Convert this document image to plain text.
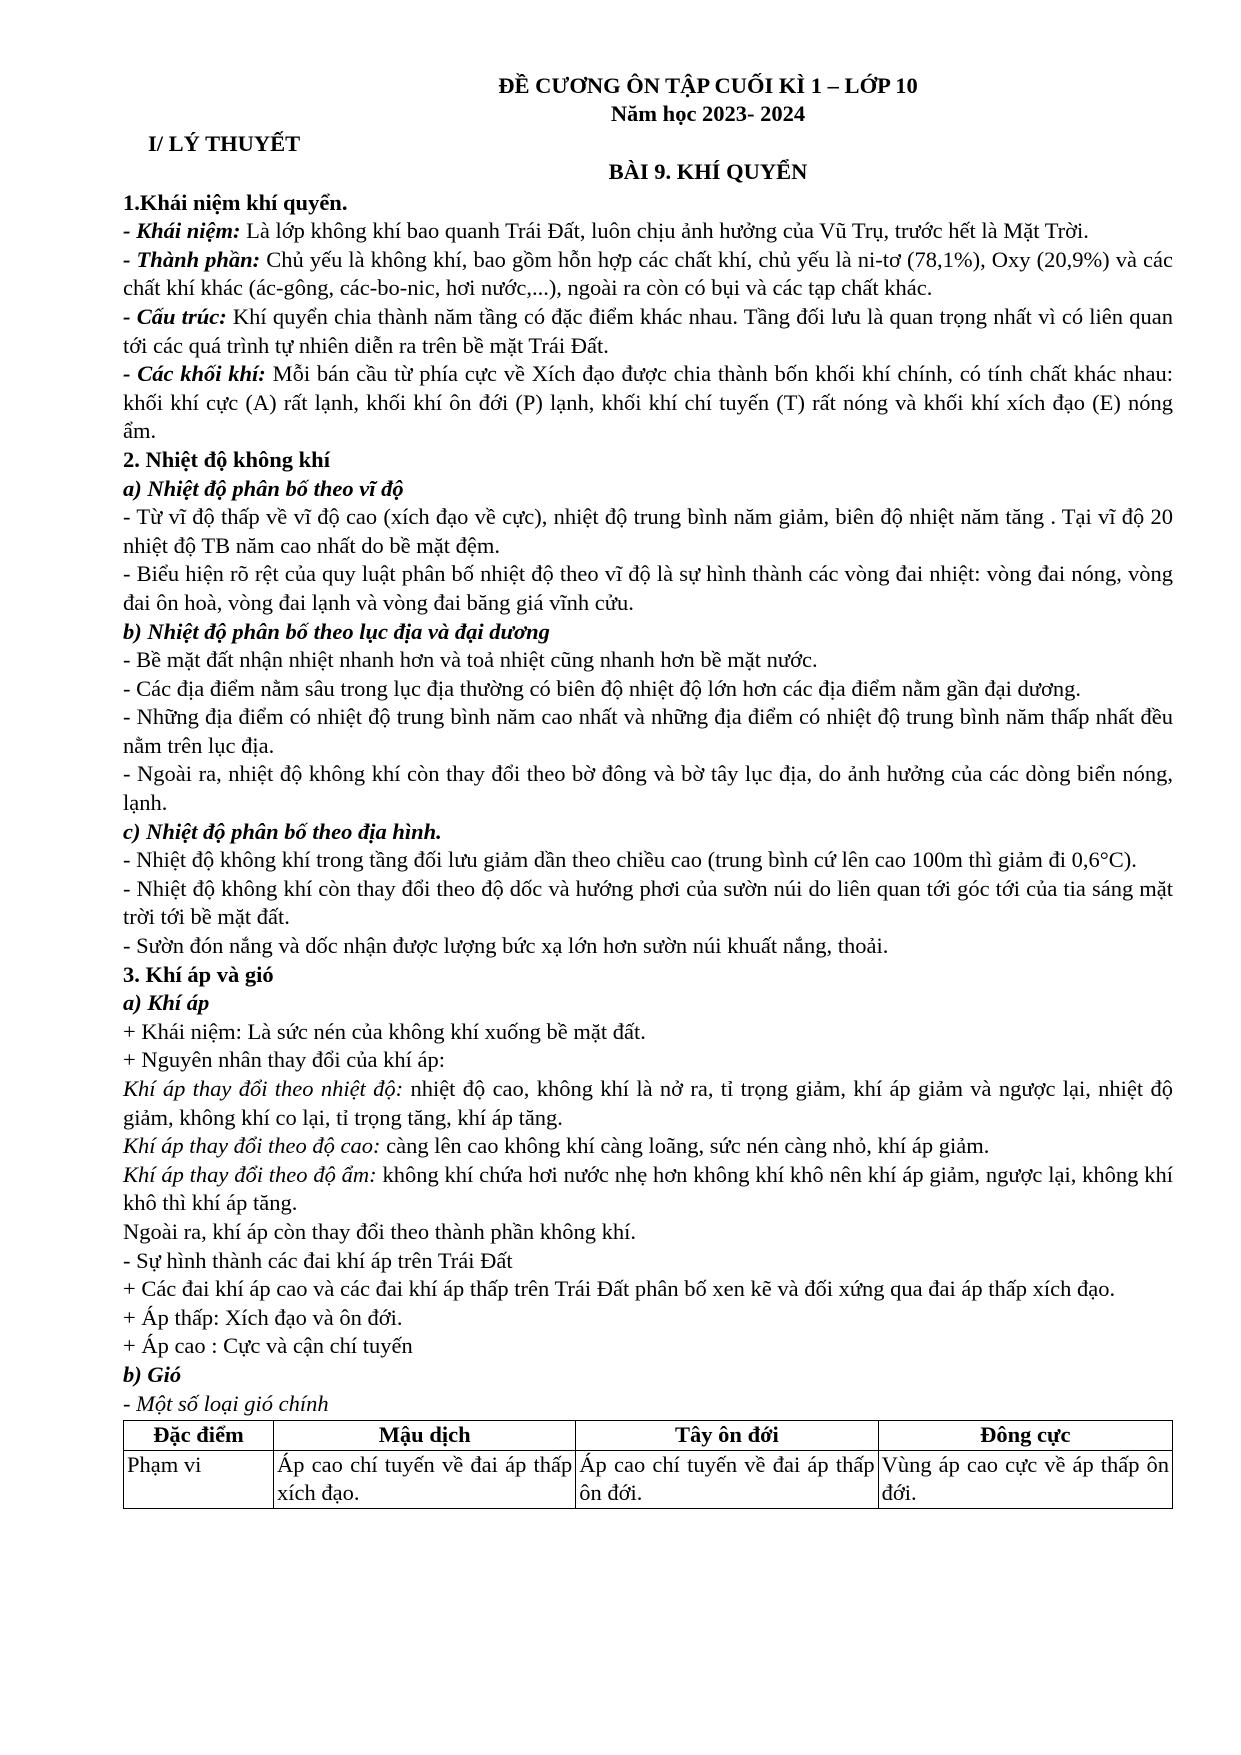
ĐỀ CƯƠNG ÔN TẬP CUỐI KÌ 1 – LỚP 10
Năm học 2023- 2024
I/ LÝ THUYẾT
BÀI 9. KHÍ QUYỂN

1.Khái niệm khí quyển.

- Khái niệm: Là lớp không khí bao quanh Trái Đất, luôn chịu ảnh hưởng của Vũ Trụ, trước hết là Mặt Trời.

- Thành phần: Chủ yếu là không khí, bao gồm hỗn hợp các chất khí, chủ yếu là ni-tơ (78,1%), Oxy (20,9%) và các chất khí khác (ác-gông, các-bo-nic, hơi nước,...), ngoài ra còn có bụi và các tạp chất khác.

- Cấu trúc: Khí quyển chia thành năm tầng có đặc điểm khác nhau. Tầng đối lưu là quan trọng nhất vì có liên quan tới các quá trình tự nhiên diễn ra trên bề mặt Trái Đất.

- Các khối khí: Mỗi bán cầu từ phía cực về Xích đạo được chia thành bốn khối khí chính, có tính chất khác nhau: khối khí cực (A) rất lạnh, khối khí ôn đới (P) lạnh, khối khí chí tuyến (T) rất nóng và khối khí xích đạo (E) nóng ẩm.

2. Nhiệt độ không khí

a) Nhiệt độ phân bố theo vĩ độ

- Từ vĩ độ thấp về vĩ độ cao (xích đạo về cực), nhiệt độ trung bình năm giảm, biên độ nhiệt năm tăng . Tại vĩ độ 20 nhiệt độ TB năm cao nhất do bề mặt đệm.

- Biểu hiện rõ rệt của quy luật phân bố nhiệt độ theo vĩ độ là sự hình thành các vòng đai nhiệt: vòng đai nóng, vòng đai ôn hoà, vòng đai lạnh và vòng đai băng giá vĩnh cửu.

b) Nhiệt độ phân bố theo lục địa và đại dương

- Bề mặt đất nhận nhiệt nhanh hơn và toả nhiệt cũng nhanh hơn bề mặt nước.

- Các địa điểm nằm sâu trong lục địa thường có biên độ nhiệt độ lớn hơn các địa điểm nằm gần đại dương.

- Những địa điểm có nhiệt độ trung bình năm cao nhất và những địa điểm có nhiệt độ trung bình năm thấp nhất đều nằm trên lục địa.

- Ngoài ra, nhiệt độ không khí còn thay đổi theo bờ đông và bờ tây lục địa, do ảnh hưởng của các dòng biển nóng, lạnh.

c) Nhiệt độ phân bố theo địa hình.

- Nhiệt độ không khí trong tầng đối lưu giảm dần theo chiều cao (trung bình cứ lên cao 100m thì giảm đi 0,6°C).

- Nhiệt độ không khí còn thay đổi theo độ dốc và hướng phơi của sườn núi do liên quan tới góc tới của tia sáng mặt trời tới bề mặt đất.

- Sườn đón nắng và dốc nhận được lượng bức xạ lớn hơn sườn núi khuất nắng, thoải.

3. Khí áp và gió

a) Khí áp

+ Khái niệm: Là sức nén của không khí xuống bề mặt đất.

+ Nguyên nhân thay đổi của khí áp:

Khí áp thay đổi theo nhiệt độ: nhiệt độ cao, không khí là nở ra, tỉ trọng giảm, khí áp giảm và ngược lại, nhiệt độ giảm, không khí co lại, tỉ trọng tăng, khí áp tăng.

Khí áp thay đổi theo độ cao: càng lên cao không khí càng loãng, sức nén càng nhỏ, khí áp giảm.

Khí áp thay đổi theo độ ẩm: không khí chứa hơi nước nhẹ hơn không khí khô nên khí áp giảm, ngược lại, không khí khô thì khí áp tăng.

Ngoài ra, khí áp còn thay đổi theo thành phần không khí.

- Sự hình thành các đai khí áp trên Trái Đất

+ Các đai khí áp cao và các đai khí áp thấp trên Trái Đất phân bố xen kẽ và đối xứng qua đai áp thấp xích đạo.

+ Áp thấp: Xích đạo và ôn đới.

+ Áp cao : Cực và cận chí tuyến

b) Gió

- Một số loại gió chính

Đặc điểm	Mậu dịch	Tây ôn đới	Đông cực
Phạm vi	Áp cao chí tuyến về đai áp thấp xích đạo.	Áp cao chí tuyến về đai áp thấp ôn đới.	Vùng áp cao cực về áp thấp ôn đới.
